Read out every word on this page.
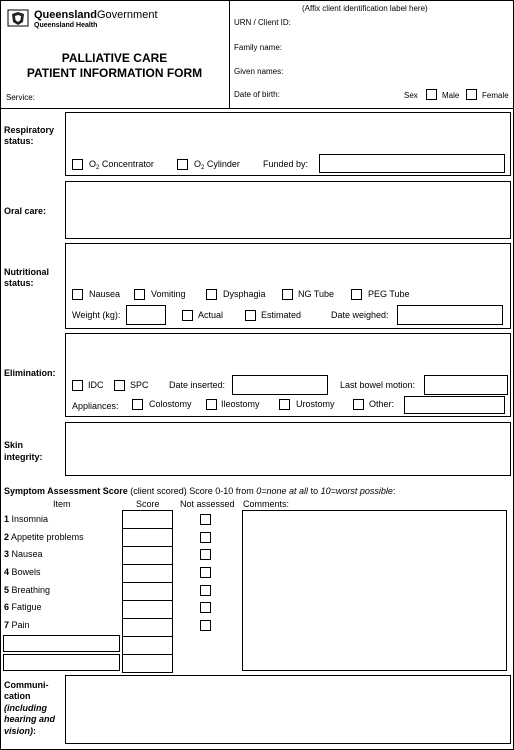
QueenslandGovernment
Queensland Health
PALLIATIVE CARE
PATIENT INFORMATION FORM
Service:
(Affix client identification label here)
URN / Client ID:
Family name:
Given names:
Date of birth:	Sex	Male	Female
Respiratory
status:
$O_2$ Concentrator	$O_2$ Cylinder	Funded by:
Oral care:
Nutritional
status:
Nausea	Vomiting	Dysphagia	NG Tube	PEG Tube
Weight (kg):	Actual	Estimated	Date weighed:
Elimination:
IDC	SPC Date inserted:	Last bowel motion:
Appliances:	Colostomy	Ileostomy	Urostomy	Other:
Skin
integrity:
Symptom Assessment Score (client scored) Score 0-10 from 0=none at all to 10=worst possible:
Item	Score Not assessed Comments:
1 Insomnia
2 Appetite problems
3 Nausea
4 Bowels
5 Breathing
6 Fatigue
7 Pain
Communi-
cation
(including
hearing and
vision):
